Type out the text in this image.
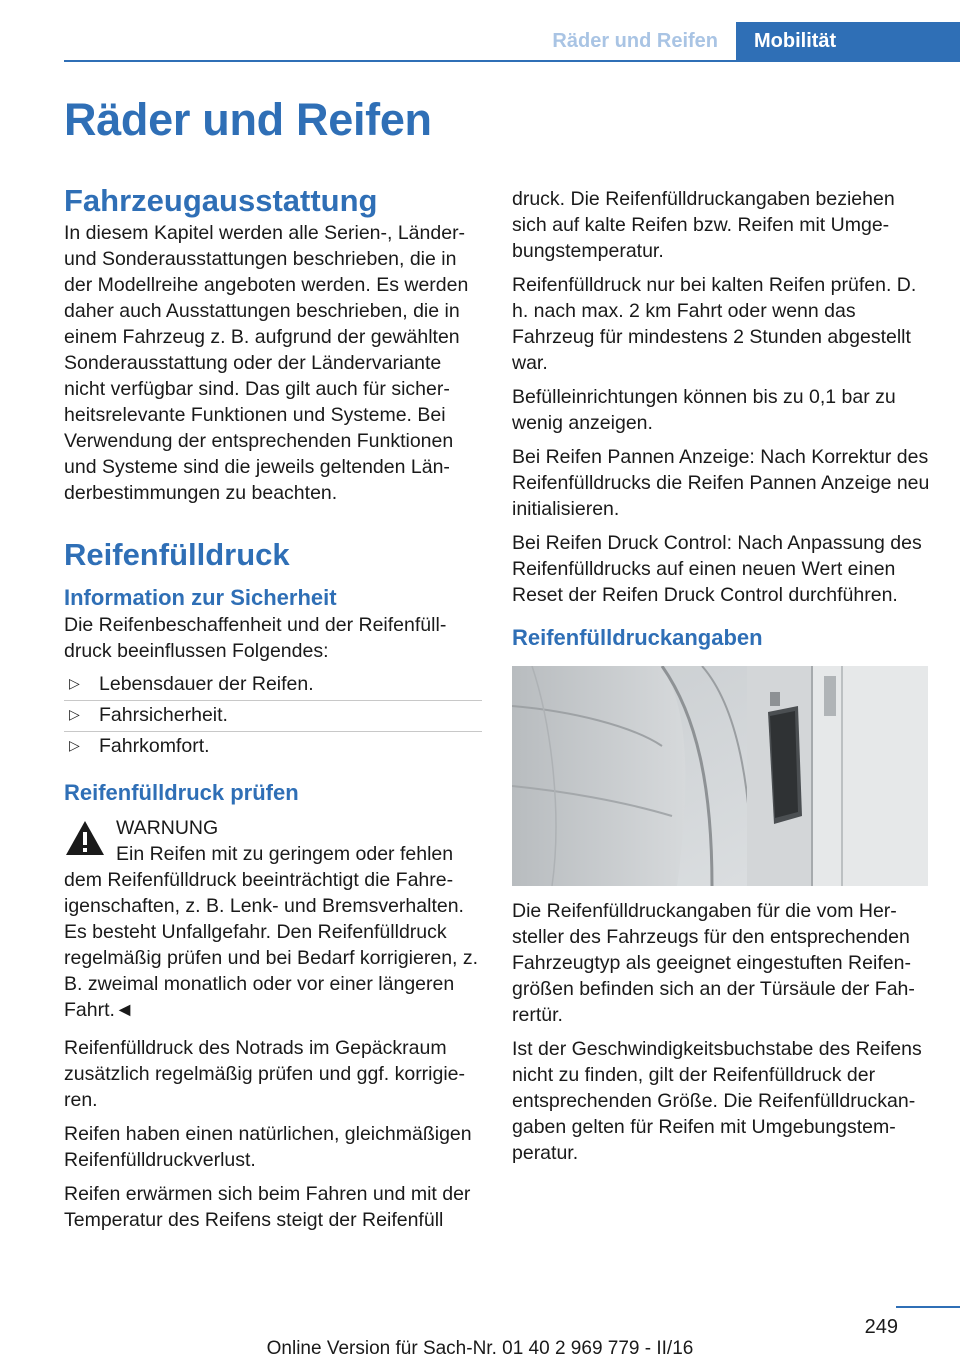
Räder und Reifen	Mobilität
Räder und Reifen
Fahrzeugausstattung

In diesem Kapitel werden alle Serien-, Länder- und Sonderausstattungen beschrieben, die in der Modellreihe angeboten werden. Es werden daher auch Ausstattungen beschrieben, die in einem Fahrzeug z. B. aufgrund der gewählten Sonderausstattung oder der Ländervariante nicht verfügbar sind. Das gilt auch für sicherheitsrelevante Funktionen und Systeme. Bei Verwendung der entsprechenden Funktionen und Systeme sind die jeweils geltenden Länderbestimmungen zu beachten.

Reifenfülldruck
Information zur Sicherheit

Die Reifenbeschaffenheit und der Reifenfülldruck beeinflussen Folgendes:

▷ Lebensdauer der Reifen.
▷ Fahrsicherheit.
▷ Fahrkomfort.
Reifenfülldruck prüfen
WARNUNG

Ein Reifen mit zu geringem oder fehlen
dem Reifenfülldruck beeinträchtigt die Fahreigenschaften, z. B. Lenk- und Bremsverhalten. Es besteht Unfallgefahr. Den Reifenfülldruck regelmäßig prüfen und bei Bedarf korrigieren, z. B. zweimal monatlich oder vor einer längeren Fahrt.◄

Reifenfülldruck des Notrads im Gepäckraum zusätzlich regelmäßig prüfen und ggf. korrigieren.

Reifen haben einen natürlichen, gleichmäßigen Reifenfülldruckverlust.

Reifen erwärmen sich beim Fahren und mit der Temperatur des Reifens steigt der Reifenfüll

druck. Die Reifenfülldruckangaben beziehen sich auf kalte Reifen bzw. Reifen mit Umgebungstemperatur.

Reifenfülldruck nur bei kalten Reifen prüfen. D. h. nach max. 2 km Fahrt oder wenn das Fahrzeug für mindestens 2 Stunden abgestellt war.

Befülleinrichtungen können bis zu 0,1 bar zu wenig anzeigen.

Bei Reifen Pannen Anzeige: Nach Korrektur des Reifenfülldrucks die Reifen Pannen Anzeige neu initialisieren.

Bei Reifen Druck Control: Nach Anpassung des Reifenfülldrucks auf einen neuen Wert einen Reset der Reifen Druck Control durchführen.

Reifenfülldruckangaben

Die Reifenfülldruckangaben für die vom Hersteller des Fahrzeugs für den entsprechenden Fahrzeugtyp als geeignet eingestuften Reifengrößen befinden sich an der Türsäule der Fahrertür.

Ist der Geschwindigkeitsbuchstabe des Reifens nicht zu finden, gilt der Reifenfülldruck der entsprechenden Größe. Die Reifenfülldruckangaben gelten für Reifen mit Umgebungstemperatur.

249
Online Version für Sach-Nr. 01 40 2 969 779 - II/16
